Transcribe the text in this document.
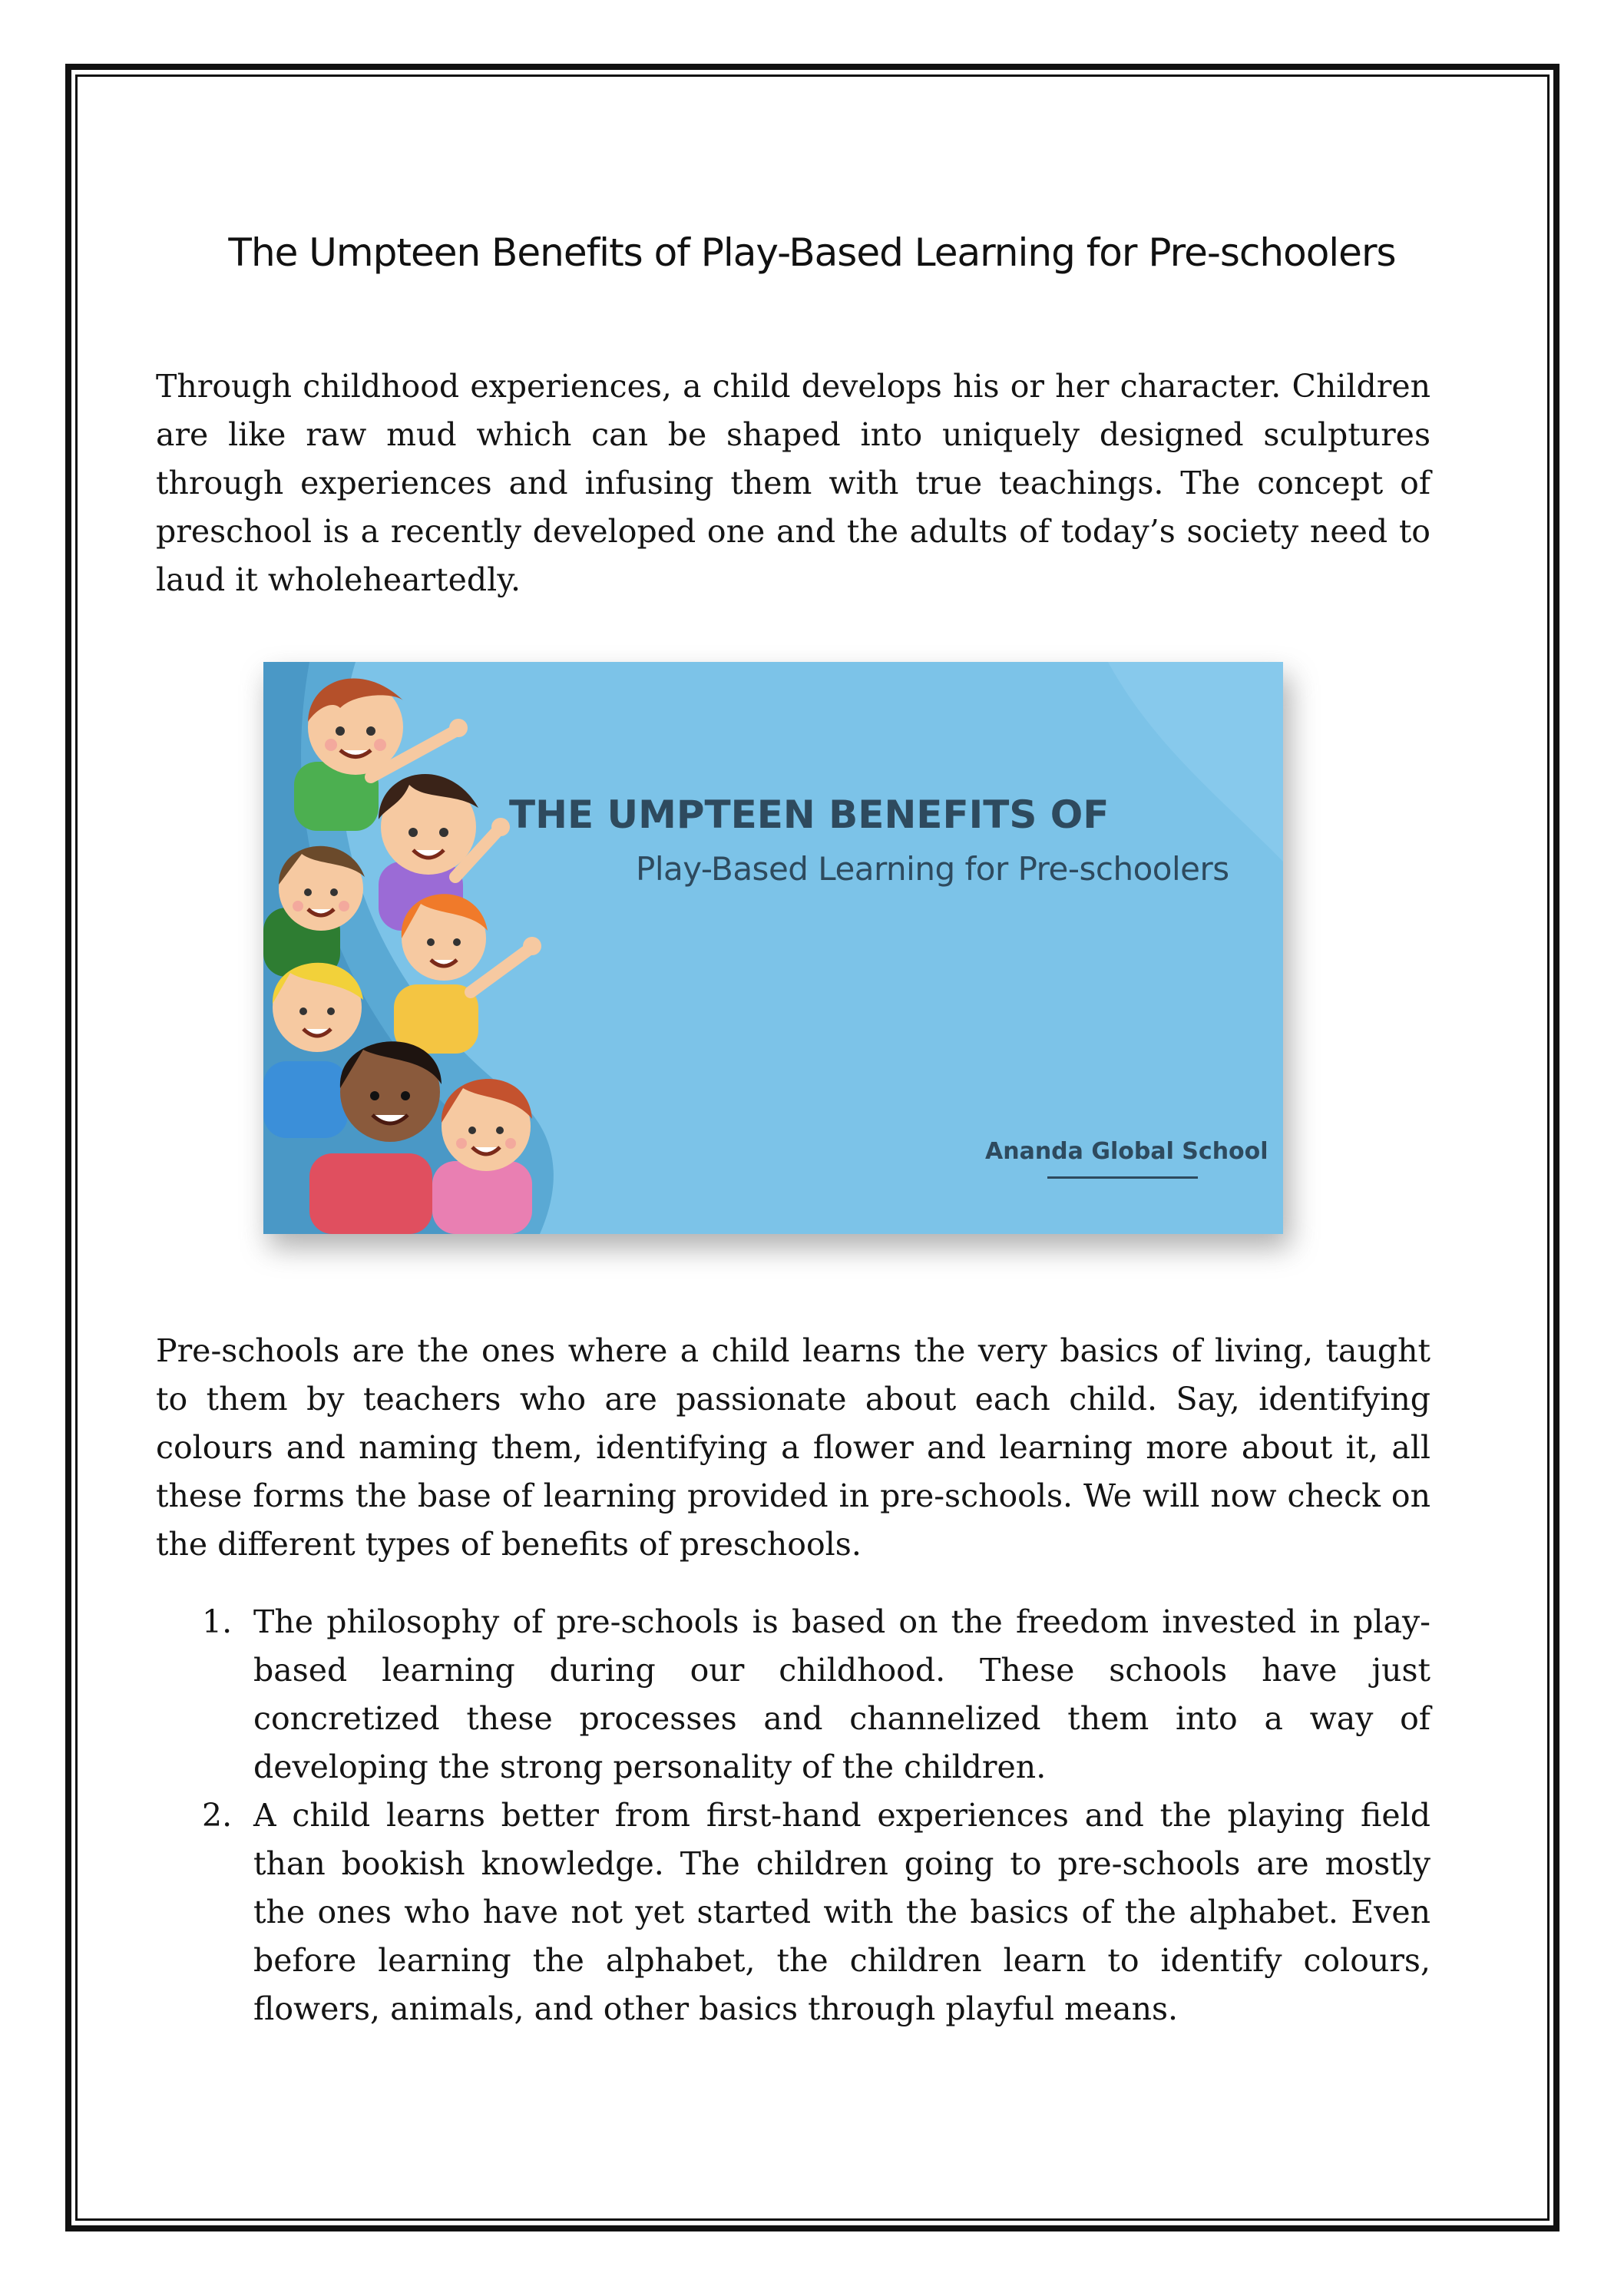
The Umpteen Benefits of Play-Based Learning for Pre-schoolers

Through childhood experiences, a child develops his or her character. Children are like raw mud which can be shaped into uniquely designed sculptures through experiences and infusing them with true teachings. The concept of preschool is a recently developed one and the adults of today’s society need to laud it wholeheartedly.

THE UMPTEEN BENEFITS OF
Play-Based Learning for Pre-schoolers
Ananda Global School

Pre-schools are the ones where a child learns the very basics of living, taught to them by teachers who are passionate about each child. Say, identifying colours and naming them, identifying a flower and learning more about it, all these forms the base of learning provided in pre-schools. We will now check on the different types of benefits of preschools.

1. The philosophy of pre-schools is based on the freedom invested in play-based learning during our childhood. These schools have just concretized these processes and channelized them into a way of developing the strong personality of the children.
2. A child learns better from first-hand experiences and the playing field than bookish knowledge. The children going to pre-schools are mostly the ones who have not yet started with the basics of the alphabet. Even before learning the alphabet, the children learn to identify colours, flowers, animals, and other basics through playful means.
